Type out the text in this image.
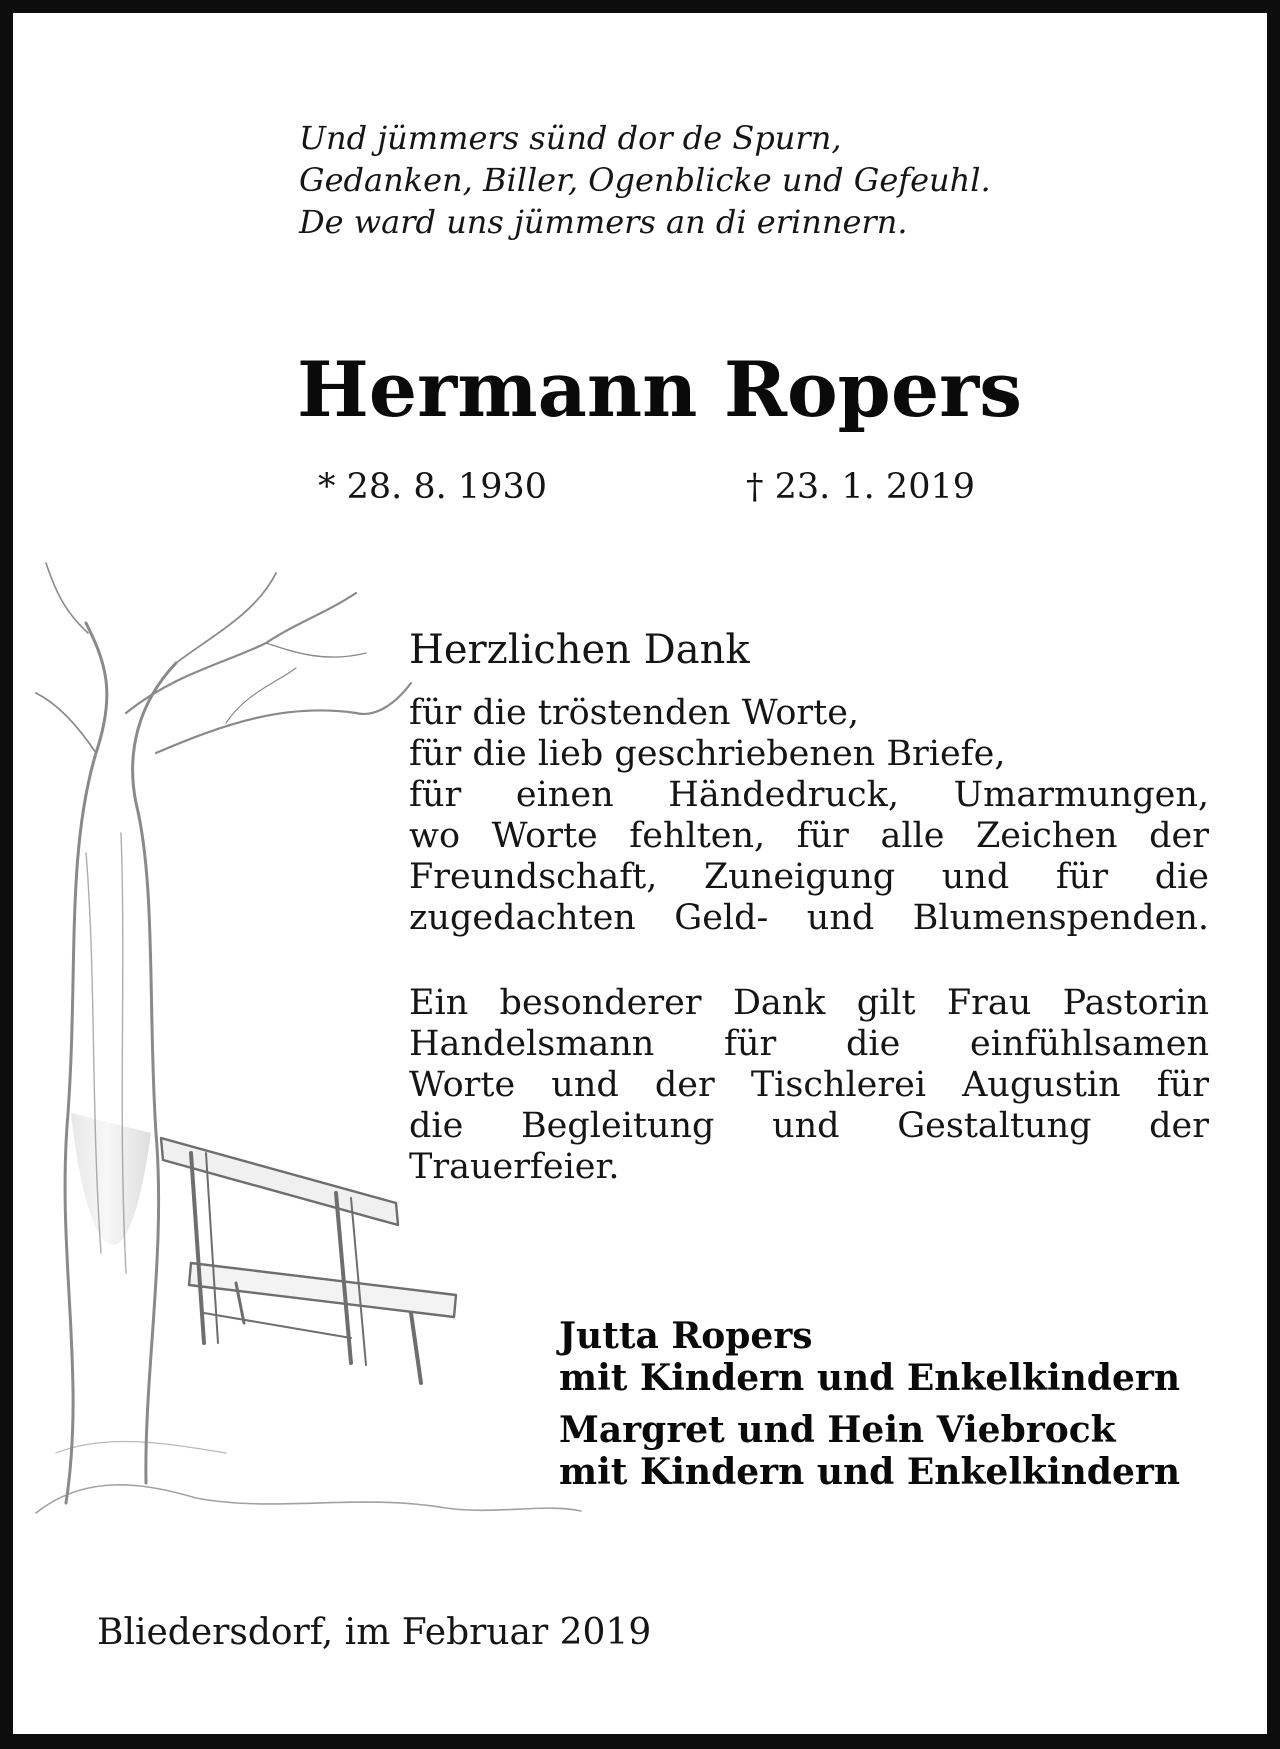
Und jümmers sünd dor de Spurn,
Gedanken, Biller, Ogenblicke und Gefeuhl.
De ward uns jümmers an di erinnern.
Hermann Ropers
* 28. 8. 1930	† 23. 1. 2019
Herzlichen Dank
für die tröstenden Worte,
für die lieb geschriebenen Briefe,
für einen Händedruck, Umarmungen,
wo Worte fehlten, für alle Zeichen der
Freundschaft, Zuneigung und für die
zugedachten Geld- und Blumenspenden.
Ein besonderer Dank gilt Frau Pastorin
Handelsmann für die einfühlsamen
Worte und der Tischlerei Augustin für
die Begleitung und Gestaltung der
Trauerfeier.
Jutta Ropers
mit Kindern und Enkelkindern
Margret und Hein Viebrock
mit Kindern und Enkelkindern
Bliedersdorf, im Februar 2019
